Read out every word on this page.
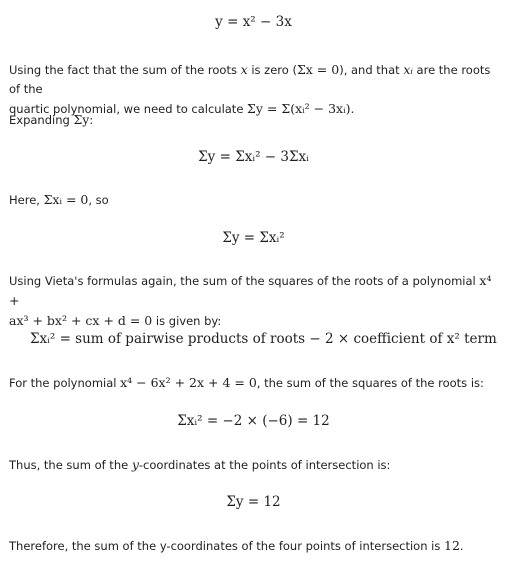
y = x² − 3x
Using the fact that the sum of the roots x is zero (Σx = 0), and that xᵢ are the roots of the
quartic polynomial, we need to calculate Σy = Σ(xᵢ² − 3xᵢ).
Expanding Σy:
Σy = Σxᵢ² − 3Σxᵢ
Here, Σxᵢ = 0, so
Σy = Σxᵢ²
Using Vieta's formulas again, the sum of the squares of the roots of a polynomial x⁴ +
ax³ + bx² + cx + d = 0 is given by:
Σxᵢ² = sum of pairwise products of roots − 2 × coefficient of x² term
For the polynomial x⁴ − 6x² + 2x + 4 = 0, the sum of the squares of the roots is:
Σxᵢ² = −2 × (−6) = 12
Thus, the sum of the y-coordinates at the points of intersection is:
Σy = 12
Therefore, the sum of the y-coordinates of the four points of intersection is 12.
